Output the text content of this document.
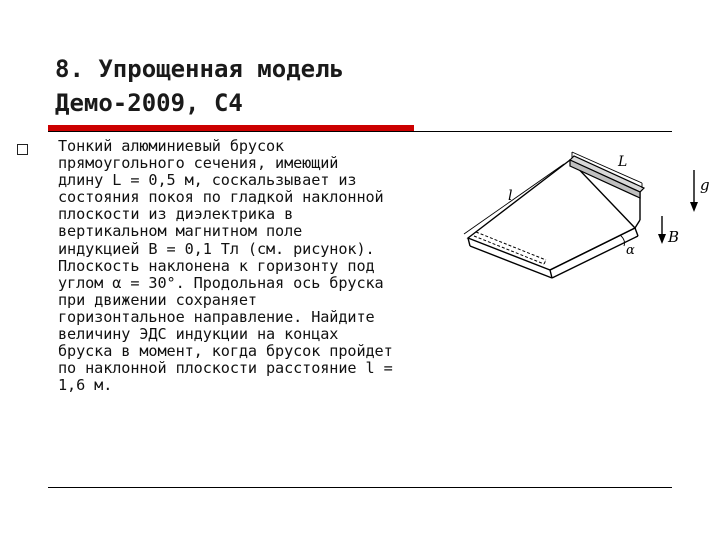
8. Упрощенная модель
Демо-2009, С4
Тонкий алюминиевый брусок
прямоугольного сечения, имеющий
длину L = 0,5 м, соскальзывает из
состояния покоя по гладкой наклонной
плоскости из диэлектрика в
вертикальном магнитном поле
индукцией B = 0,1 Тл (см. рисунок).
Плоскость наклонена к горизонту под
углом α = 30°. Продольная ось бруска
при движении сохраняет
горизонтальное направление. Найдите
величину ЭДС индукции на концах
бруска в момент, когда брусок пройдет
по наклонной плоскости расстояние l =
1,6 м.
L
l
α
B
g
